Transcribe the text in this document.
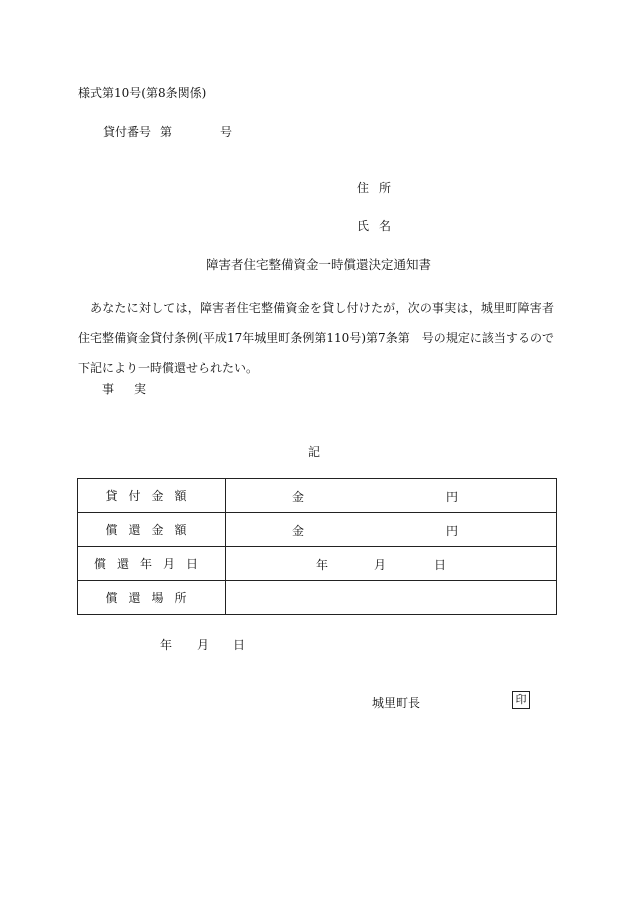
様式第10号(第8条関係)
貸付番号 第	号
住所
氏名
障害者住宅整備資金一時償還決定通知書
あなたに対しては，障害者住宅整備資金を貸し付けたが，次の事実は，城里町障害者住宅整備資金貸付条例(平成17年城里町条例第110号)第7条第　号の規定に該当するので下記により一時償還せられたい。
事実
記
貸付金額	金 円

償還金額	金 円

償還年月日	年 月 日

償還場所	
年 月 日
城里町長	印
